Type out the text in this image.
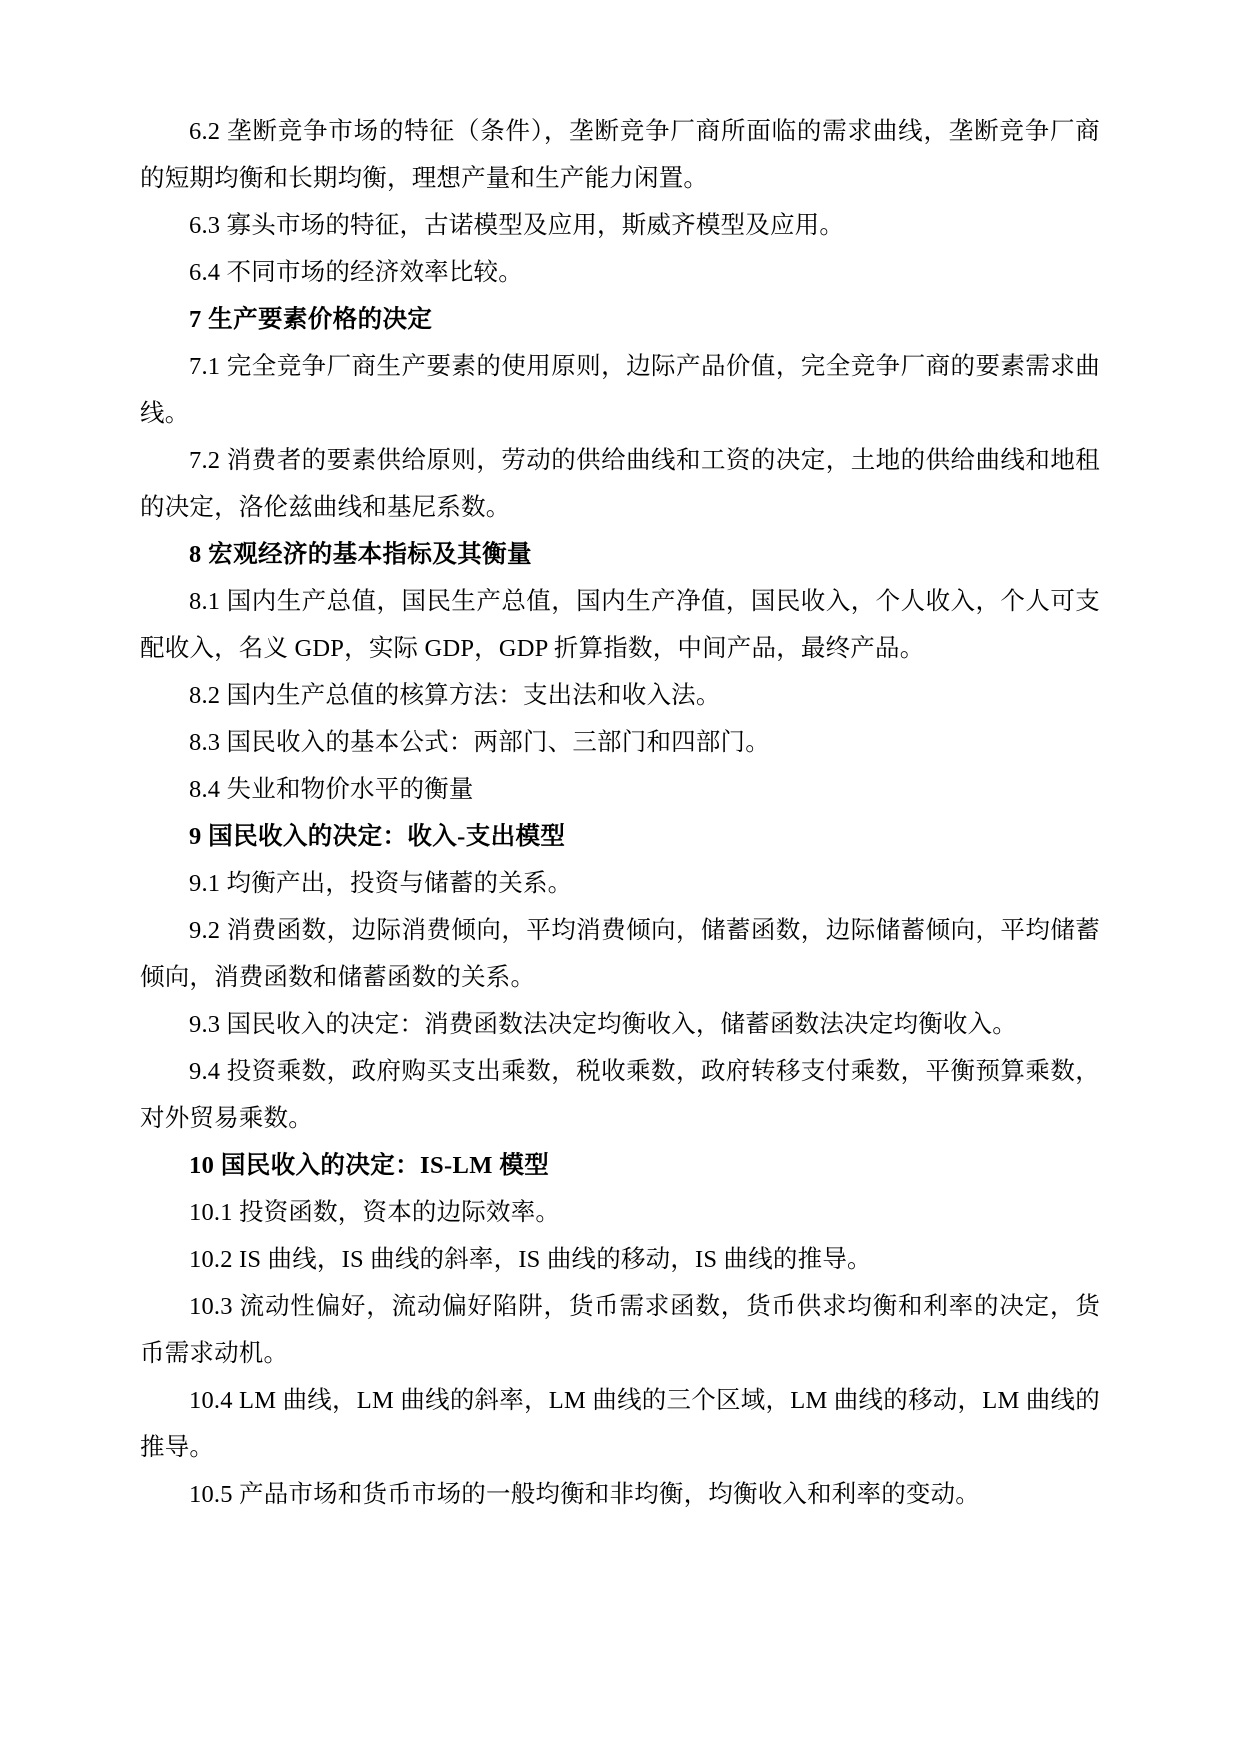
6.2 垄断竞争市场的特征（条件），垄断竞争厂商所面临的需求曲线，垄断竞争厂商的短期均衡和长期均衡，理想产量和生产能力闲置。

6.3 寡头市场的特征，古诺模型及应用，斯威齐模型及应用。

6.4 不同市场的经济效率比较。

7 生产要素价格的决定

7.1 完全竞争厂商生产要素的使用原则，边际产品价值，完全竞争厂商的要素需求曲线。

7.2 消费者的要素供给原则，劳动的供给曲线和工资的决定，土地的供给曲线和地租的决定，洛伦兹曲线和基尼系数。

8 宏观经济的基本指标及其衡量

8.1 国内生产总值，国民生产总值，国内生产净值，国民收入，个人收入，个人可支配收入，名义 GDP，实际 GDP，GDP 折算指数，中间产品，最终产品。

8.2 国内生产总值的核算方法：支出法和收入法。

8.3 国民收入的基本公式：两部门、三部门和四部门。

8.4 失业和物价水平的衡量

9 国民收入的决定：收入-支出模型

9.1 均衡产出，投资与储蓄的关系。

9.2 消费函数，边际消费倾向，平均消费倾向，储蓄函数，边际储蓄倾向，平均储蓄倾向，消费函数和储蓄函数的关系。

9.3 国民收入的决定：消费函数法决定均衡收入，储蓄函数法决定均衡收入。

9.4 投资乘数，政府购买支出乘数，税收乘数，政府转移支付乘数，平衡预算乘数，对外贸易乘数。

10 国民收入的决定：IS-LM 模型

10.1 投资函数，资本的边际效率。

10.2 IS 曲线，IS 曲线的斜率，IS 曲线的移动，IS 曲线的推导。

10.3 流动性偏好，流动偏好陷阱，货币需求函数，货币供求均衡和利率的决定，货币需求动机。

10.4 LM 曲线，LM 曲线的斜率，LM 曲线的三个区域，LM 曲线的移动，LM 曲线的推导。

10.5 产品市场和货币市场的一般均衡和非均衡，均衡收入和利率的变动。
